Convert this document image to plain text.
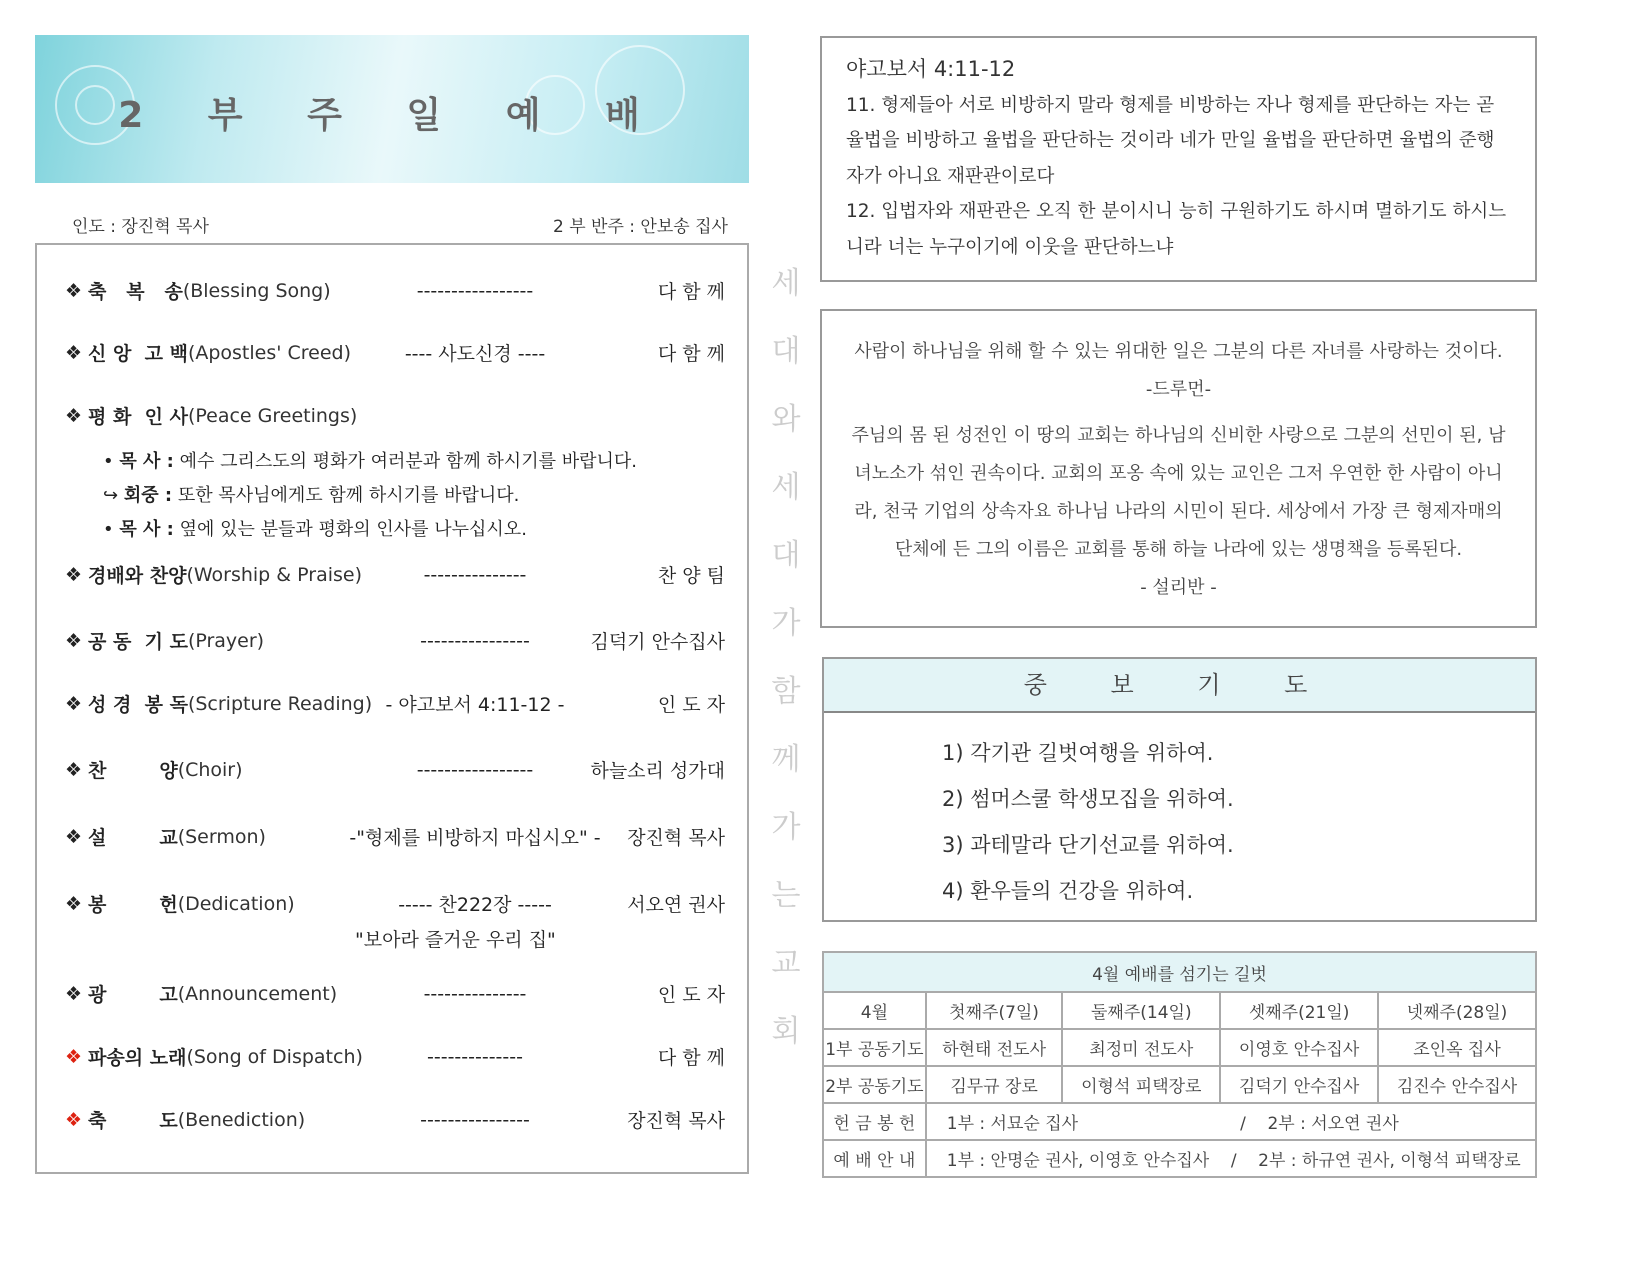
2 부 주 일 예 배
인도 : 장진혁 목사	2 부 반주 : 안보송 집사
❖ 축   복   송 (Blessing Song)	-----------------	다 함 께
❖ 신 앙  고 백 (Apostles' Creed)	---- 사도신경 ----	다 함 께
❖ 평 화  인 사 (Peace Greetings)
❖ 경배와 찬양 (Worship & Praise)	---------------	찬 양 팀
❖ 공 동  기 도 (Prayer)	----------------	김덕기 안수집사
❖ 성 경  봉 독 (Scripture Reading) - 야고보서 4:11-12 -	인 도 자
❖ 찬        양 (Choir)	-----------------	하늘소리 성가대
❖ 설        교 (Sermon)	-"형제를 비방하지 마십시오" -	장진혁 목사
❖ 봉        헌 (Dedication)	----- 찬222장 -----	서오연 권사
❖ 광        고 (Announcement)	---------------	인 도 자
❖ 파송의 노래 (Song of Dispatch)	--------------	다 함 께
❖ 축        도 (Benediction)	----------------	장진혁 목사
"보아라 즐거운 우리 집"
• 목 사 : 예수 그리스도의 평화가 여러분과 함께 하시기를 바랍니다.
↪ 회중 : 또한 목사님에게도 함께 하시기를 바랍니다.
• 목 사 : 옆에 있는 분들과 평화의 인사를 나누십시오.
세
대
와
세
대
가
함
께
가
는
교
회
야고보서 4:11-12
11. 형제들아 서로 비방하지 말라 형제를 비방하는 자나 형제를 판단하는 자는 곧 율법을 비방하고 율법을 판단하는 것이라 네가 만일 율법을 판단하면 율법의 준행자가 아니요 재판관이로다
12. 입법자와 재판관은 오직 한 분이시니 능히 구원하기도 하시며 멸하기도 하시느니라 너는 누구이기에 이웃을 판단하느냐
사람이 하나님을 위해 할 수 있는 위대한 일은 그분의 다른 자녀를 사랑하는 것이다.
-드루먼-
주님의 몸 된 성전인 이 땅의 교회는 하나님의 신비한 사랑으로 그분의 선민이 된, 남녀노소가 섞인 권속이다. 교회의 포옹 속에 있는 교인은 그저 우연한 한 사람이 아니라, 천국 기업의 상속자요 하나님 나라의 시민이 된다. 세상에서 가장 큰 형제자매의 단체에 든 그의 이름은 교회를 통해 하늘 나라에 있는 생명책을 등록된다.
- 설리반 -
중 보 기 도
1) 각기관 길벗여행을 위하여.
2) 썸머스쿨 학생모집을 위하여.
3) 과테말라 단기선교를 위하여.
4) 환우들의 건강을 위하여.
4월 예배를 섬기는 길벗				
4월	첫째주(7일)	둘째주(14일)	셋째주(21일)	넷째주(28일)
1부 공동기도	하현태 전도사	최정미 전도사	이영호 안수집사	조인옥 집사
2부 공동기도	김무규 장로	이형석 피택장로	김덕기 안수집사	김진수 안수집사
헌 금 봉 헌	1부 : 서묘순 집사                              /    2부 : 서오연 권사			
예 배 안 내	1부 : 안명순 권사, 이영호 안수집사    /    2부 : 하규연 권사, 이형석 피택장로			
